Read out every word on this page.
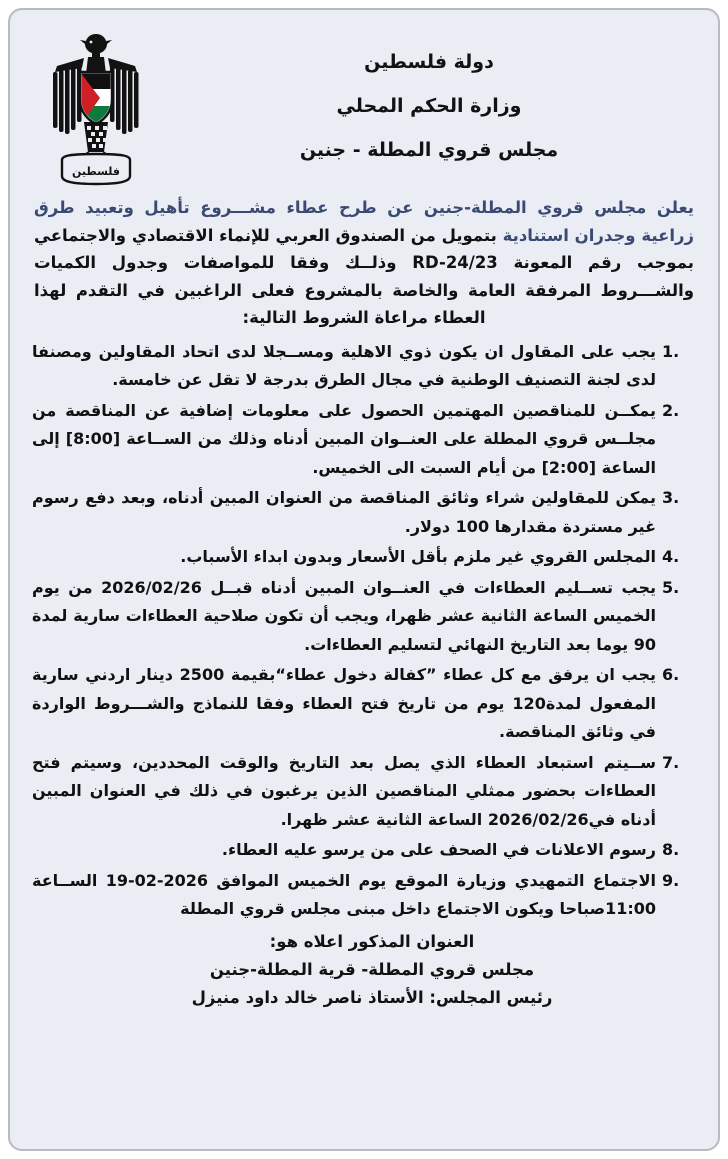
فلسطين
دولة فلسطين
وزارة الحكم المحلي
مجلس قروي المطلة - جنين

يعلن مجلس قروي المطلة-جنين عن طرح عطاء مشـــروع تأهيل وتعبيد طرق زراعية وجدران استنادية بتمويل من الصندوق العربي للإنماء الاقتصادي والاجتماعي بموجب رقم المعونة 23/RD-24 وذلــك وفقا للمواصفات وجدول الكميات والشـــروط المرفقة العامة والخاصة بالمشروع فعلى الراغبين في التقدم لهذا العطاء مراعاة الشروط التالية:

1.
يجب على المقاول ان يكون ذوي الاهلية ومســجلا لدى اتحاد المقاولين ومصنفا لدى لجنة التصنيف الوطنية في مجال الطرق بدرجة لا تقل عن خامسة.
2.
يمكــن للمناقصين المهتمين الحصول على معلومات إضافية عن المناقصة من مجلــس قروي المطلة على العنــوان المبين أدناه وذلك من الســاعة [8:00] إلى الساعة [2:00] من أيام السبت الى الخميس.
3.
يمكن للمقاولين شراء وثائق المناقصة من العنوان المبين أدناه، وبعد دفع رسوم غير مستردة مقدارها 100 دولار.
4.
المجلس القروي غير ملزم بأقل الأسعار وبدون ابداء الأسباب.
5.
يجب تســليم العطاءات في العنــوان المبين أدناه قبــل 2026/02/26 من يوم الخميس الساعة الثانية عشر ظهرا، ويجب أن تكون صلاحية العطاءات سارية لمدة 90 يوما بعد التاريخ النهائي لتسليم العطاءات.
6.
يجب ان يرفق مع كل عطاء ”كفالة دخول عطاء“بقيمة 2500 دينار اردني سارية المفعول لمدة120 يوم من تاريخ فتح العطاء وفقا للنماذج والشـــروط الواردة في وثائق المناقصة.
7.
ســيتم استبعاد العطاء الذي يصل بعد التاريخ والوقت المحددين، وسيتم فتح العطاءات بحضور ممثلي المناقصين الذين يرغبون في ذلك في العنوان المبين أدناه في2026/02/26 الساعة الثانية عشر ظهرا.
8.
رسوم الاعلانات في الصحف على من يرسو عليه العطاء.
9.
الاجتماع التمهيدي وزيارة الموقع يوم الخميس الموافق 2026-02-19 الســاعة 11:00صباحا ويكون الاجتماع داخل مبنى مجلس قروي المطلة
العنوان المذكور اعلاه هو:
مجلس قروي المطلة- قرية المطلة-جنين
رئيس المجلس: الأستاذ ناصر خالد داود منيزل
